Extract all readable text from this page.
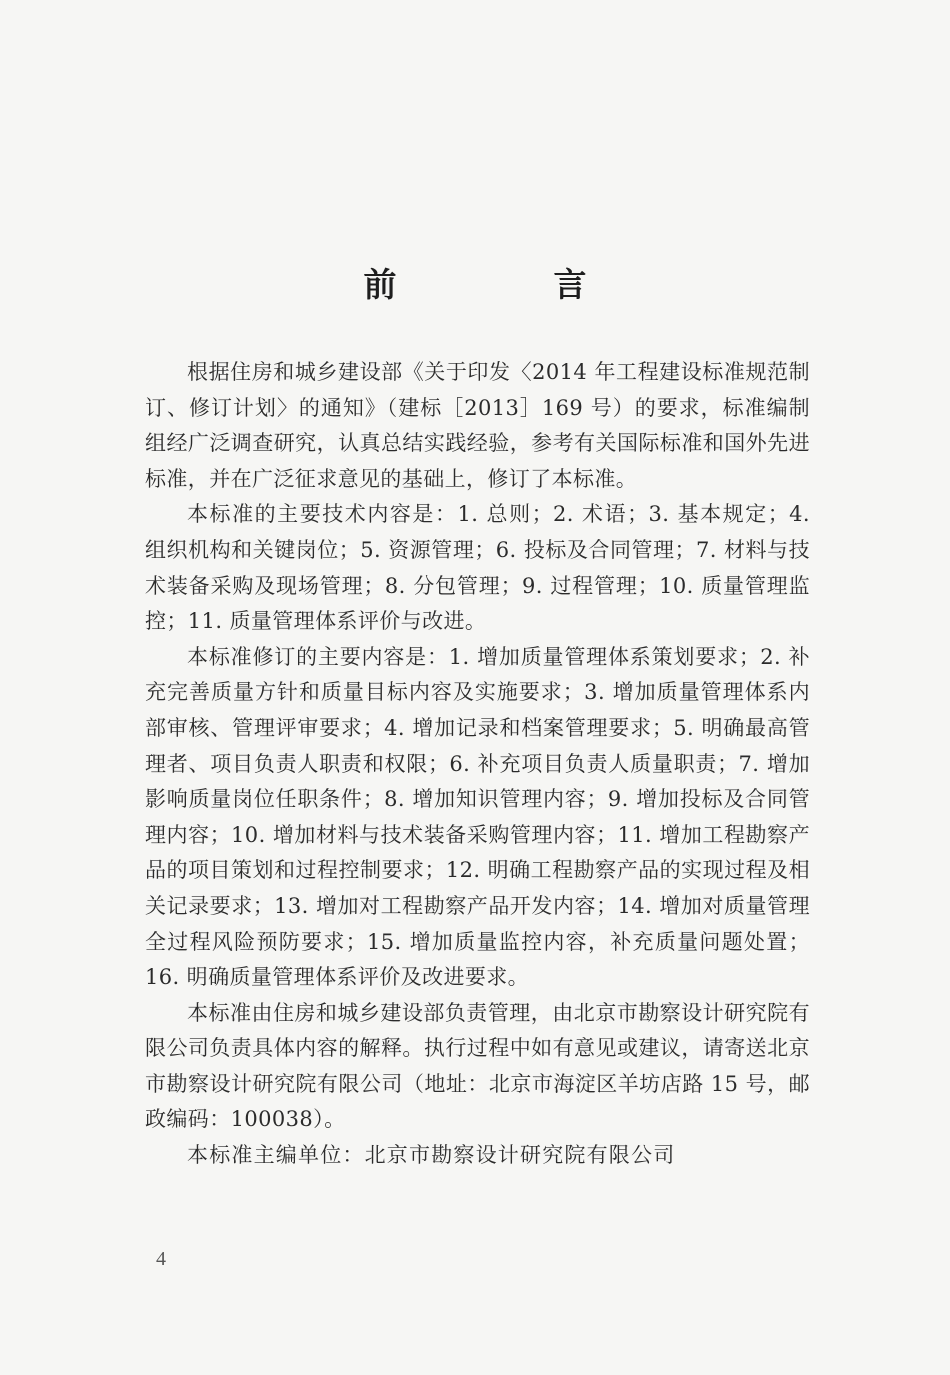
前　言

根据住房和城乡建设部《关于印发〈2014 年工程建设标准规范制订、修订计划〉的通知》（建标［2013］169 号）的要求，标准编制组经广泛调查研究，认真总结实践经验，参考有关国际标准和国外先进标准，并在广泛征求意见的基础上，修订了本标准。

本标准的主要技术内容是：1. 总则；2. 术语；3. 基本规定；4. 组织机构和关键岗位；5. 资源管理；6. 投标及合同管理；7. 材料与技术装备采购及现场管理；8. 分包管理；9. 过程管理；10. 质量管理监控；11. 质量管理体系评价与改进。

本标准修订的主要内容是：1. 增加质量管理体系策划要求；2. 补充完善质量方针和质量目标内容及实施要求；3. 增加质量管理体系内部审核、管理评审要求；4. 增加记录和档案管理要求；5. 明确最高管理者、项目负责人职责和权限；6. 补充项目负责人质量职责；7. 增加影响质量岗位任职条件；8. 增加知识管理内容；9. 增加投标及合同管理内容；10. 增加材料与技术装备采购管理内容；11. 增加工程勘察产品的项目策划和过程控制要求；12. 明确工程勘察产品的实现过程及相关记录要求；13. 增加对工程勘察产品开发内容；14. 增加对质量管理全过程风险预防要求；15. 增加质量监控内容，补充质量问题处置；16. 明确质量管理体系评价及改进要求。

本标准由住房和城乡建设部负责管理，由北京市勘察设计研究院有限公司负责具体内容的解释。执行过程中如有意见或建议，请寄送北京市勘察设计研究院有限公司（地址：北京市海淀区羊坊店路 15 号，邮政编码：100038）。

本标准主编单位：北京市勘察设计研究院有限公司

4
